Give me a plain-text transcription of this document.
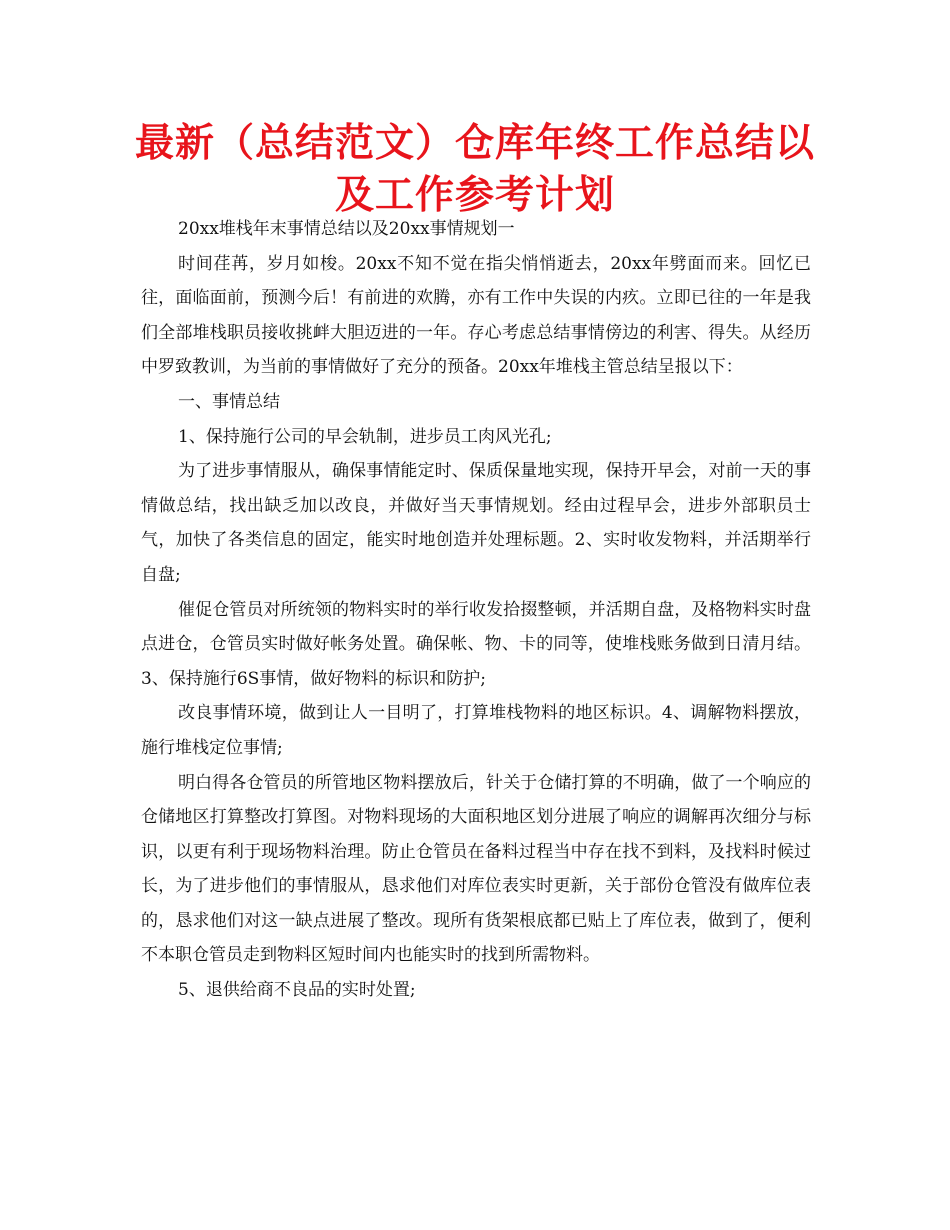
最新（总结范文）仓库年终工作总结以及工作参考计划

20xx堆栈年末事情总结以及20xx事情规划一

时间荏苒，岁月如梭。20xx不知不觉在指尖悄悄逝去，20xx年劈面而来。回忆已往，面临面前，预测今后！有前进的欢腾，亦有工作中失误的内疚。立即已往的一年是我们全部堆栈职员接收挑衅大胆迈进的一年。存心考虑总结事情傍边的利害、得失。从经历中罗致教训，为当前的事情做好了充分的预备。20xx年堆栈主管总结呈报以下：

一、事情总结

1、保持施行公司的早会轨制，进步员工肉风光孔;

为了进步事情服从，确保事情能定时、保质保量地实现，保持开早会，对前一天的事情做总结，找出缺乏加以改良，并做好当天事情规划。经由过程早会，进步外部职员士气，加快了各类信息的固定，能实时地创造并处理标题。2、实时收发物料，并活期举行自盘;

催促仓管员对所统领的物料实时的举行收发拾掇整顿，并活期自盘，及格物料实时盘点进仓，仓管员实时做好帐务处置。确保帐、物、卡的同等，使堆栈账务做到日清月结。3、保持施行6S事情，做好物料的标识和防护;

改良事情环境，做到让人一目明了，打算堆栈物料的地区标识。4、调解物料摆放，施行堆栈定位事情;

明白得各仓管员的所管地区物料摆放后，针关于仓储打算的不明确，做了一个响应的仓储地区打算整改打算图。对物料现场的大面积地区划分进展了响应的调解再次细分与标识，以更有利于现场物料治理。防止仓管员在备料过程当中存在找不到料，及找料时候过长，为了进步他们的事情服从，恳求他们对库位表实时更新，关于部份仓管没有做库位表的，恳求他们对这一缺点进展了整改。现所有货架根底都已贴上了库位表，做到了，便利不本职仓管员走到物料区短时间内也能实时的找到所需物料。

5、退供给商不良品的实时处置;
